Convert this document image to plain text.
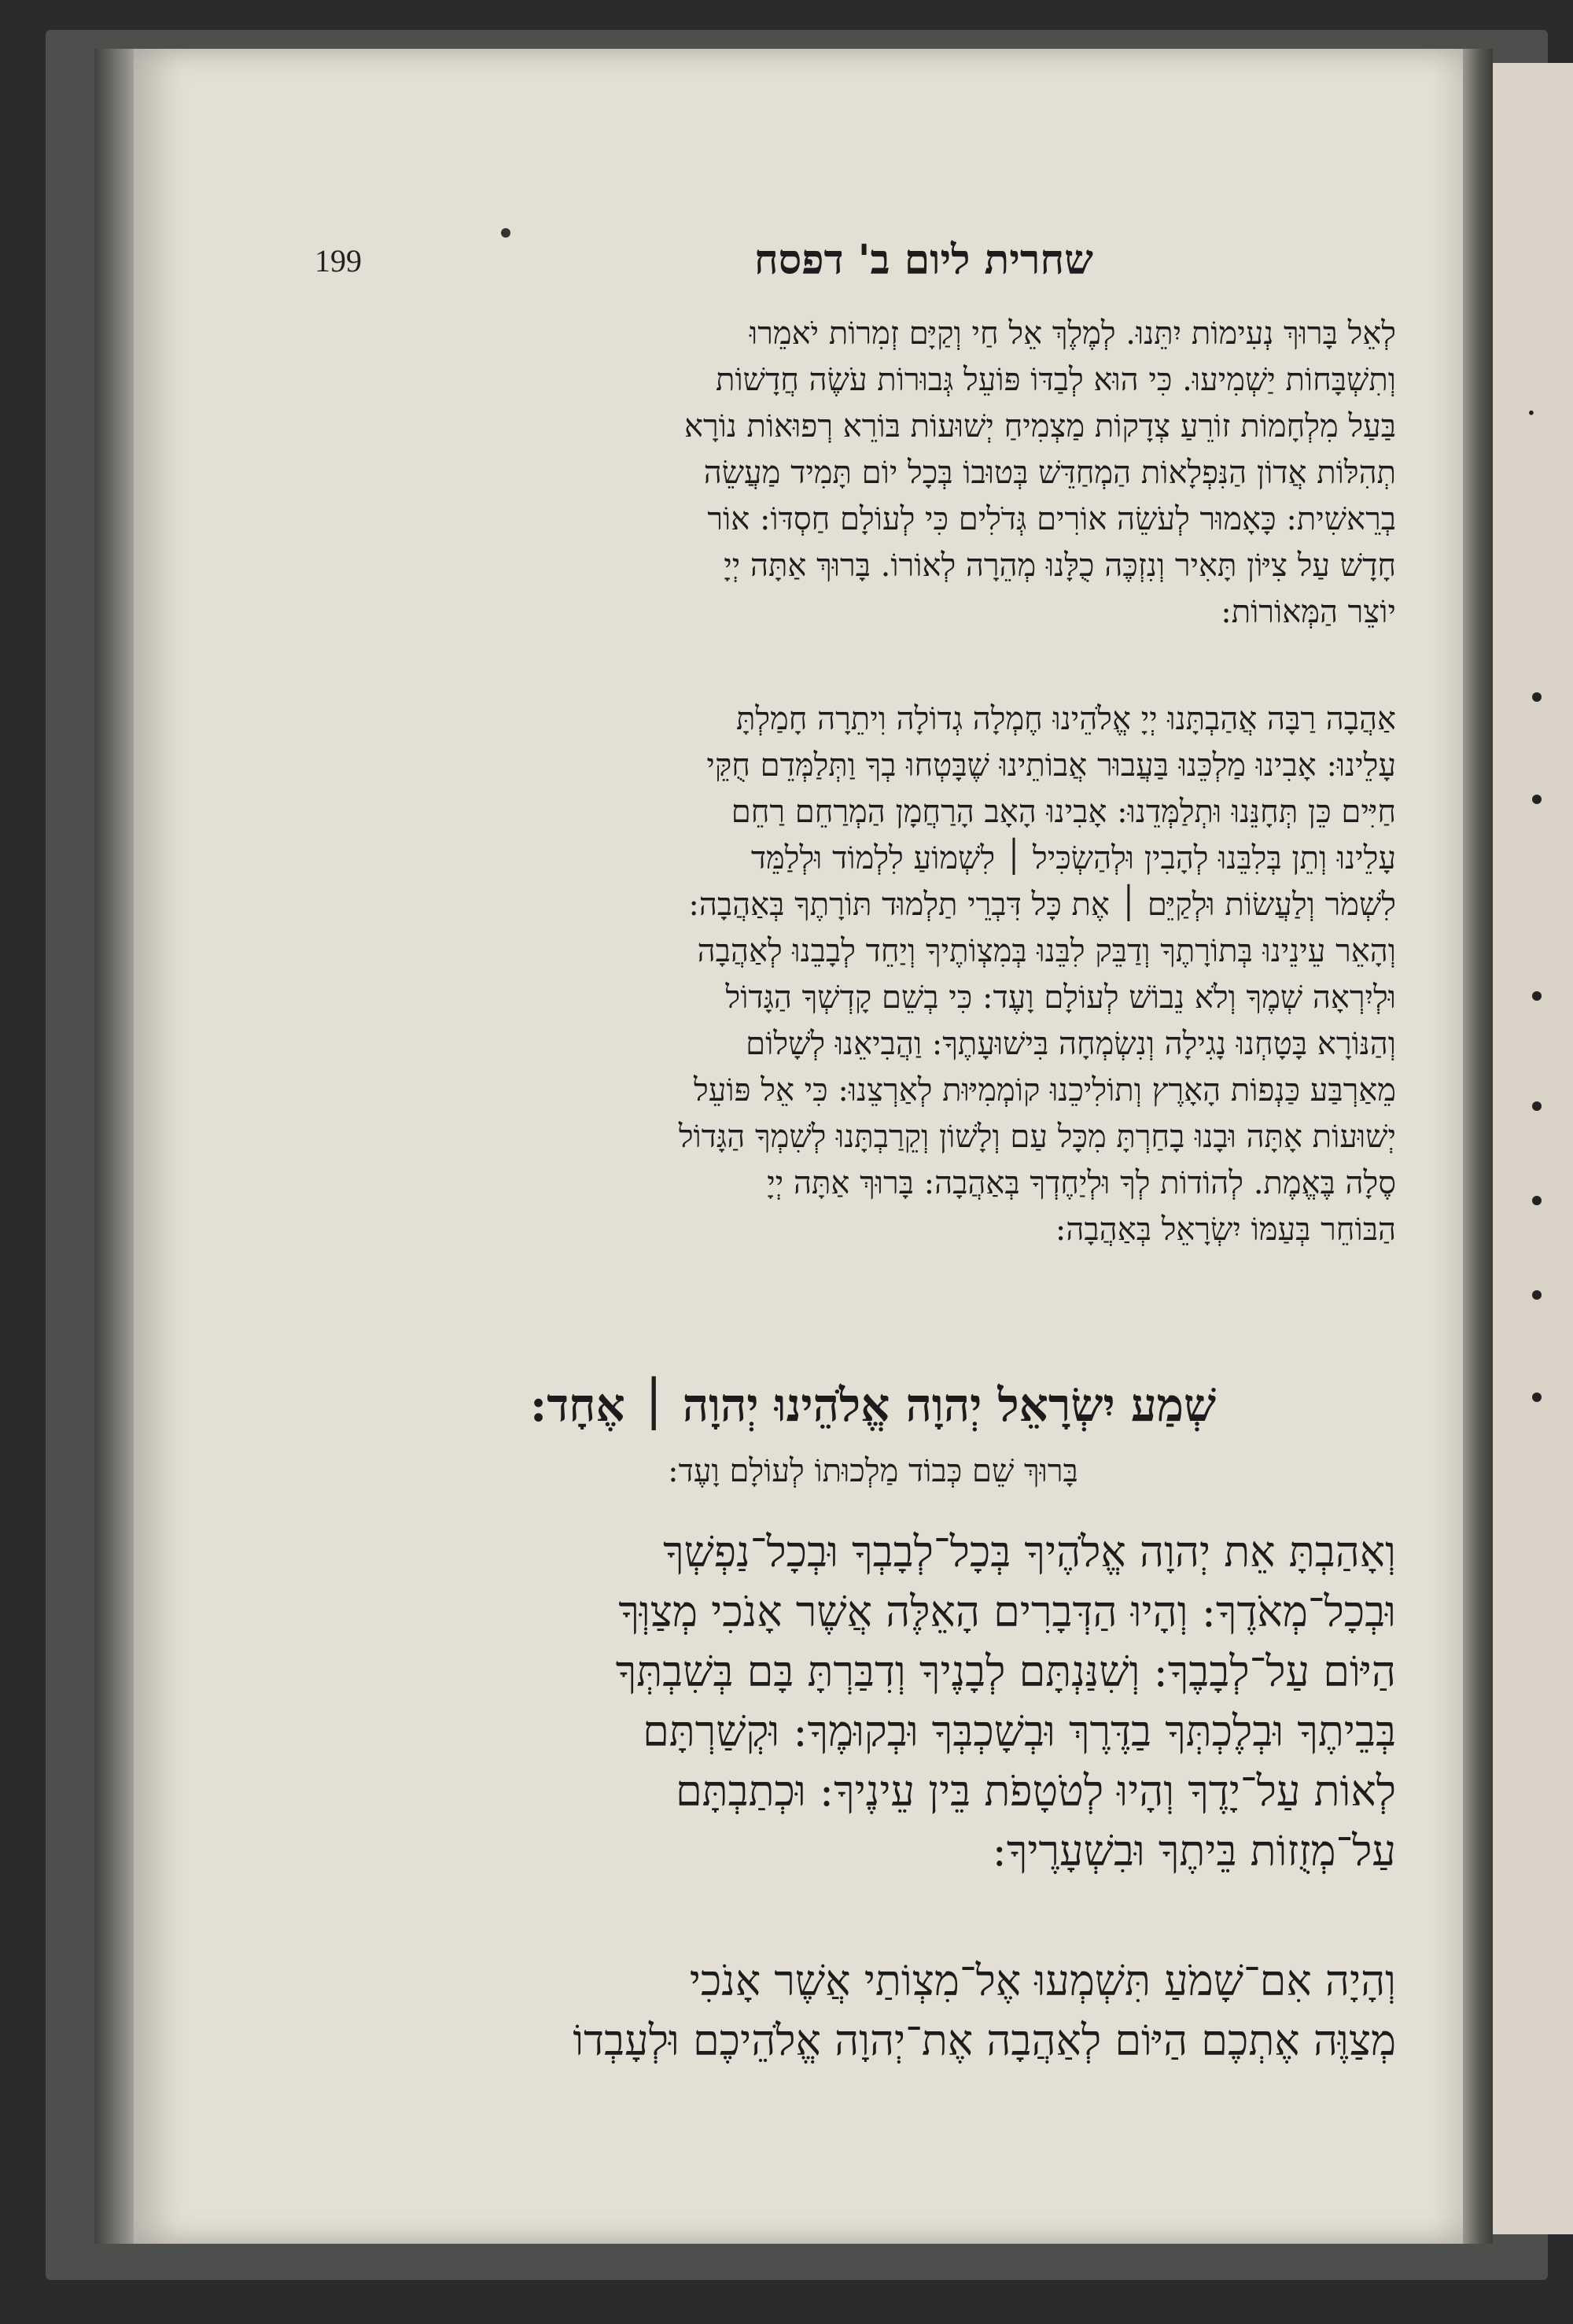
·
199	שחרית ליום ב' דפסח
לְאֵל בָּרוּךְ נְעִימוֹת יִתֵּנוּ. לְמֶלֶךְ אֵל חַי וְקַיָּם זְמִרוֹת יֹאמֵרוּ
וְתִשְׁבָּחוֹת יַשְׁמִיעוּ. כִּי הוּא לְבַדּוֹ פּוֹעֵל גְּבוּרוֹת עֹשֶׂה חֲדָשׁוֹת
בַּעַל מִלְחָמוֹת זוֹרֵעַ צְדָקוֹת מַצְמִיחַ יְשׁוּעוֹת בּוֹרֵא רְפוּאוֹת נוֹרָא
תְהִלּוֹת אֲדוֹן הַנִּפְלָאוֹת הַמְחַדֵּשׁ בְּטוּבוֹ בְּכָל יוֹם תָּמִיד מַעֲשֵׂה
בְרֵאשִׁית: כָּאָמוּר לְעֹשֵׂה אוֹרִים גְּדֹלִים כִּי לְעוֹלָם חַסְדּוֹ: אוֹר
חָדָשׁ עַל צִיּוֹן תָּאִיר וְנִזְכֶּה כֻלָּנוּ מְהֵרָה לְאוֹרוֹ. בָּרוּךְ אַתָּה יְיָ
יוֹצֵר הַמְּאוֹרוֹת:
אַהֲבָה רַבָּה אֲהַבְתָּנוּ יְיָ אֱלֹהֵינוּ חֶמְלָה גְדוֹלָה וִיתֵרָה חָמַלְתָּ
עָלֵינוּ: אָבִינוּ מַלְכֵּנוּ בַּעֲבוּר אֲבוֹתֵינוּ שֶׁבָּטְחוּ בְךָ וַתְּלַמְּדֵם חֻקֵּי
חַיִּים כֵּן תְּחָנֵּנוּ וּתְלַמְּדֵנוּ: אָבִינוּ הָאָב הָרַחֲמָן הַמְרַחֵם רַחֵם
עָלֵינוּ וְתֵן בְּלִבֵּנוּ לְהָבִין וּלְהַשְׂכִּיל ׀ לִשְׁמוֹעַ לִלְמוֹד וּלְלַמֵּד
לִשְׁמֹר וְלַעֲשׂוֹת וּלְקַיֵּם ׀ אֶת כָּל דִּבְרֵי תַלְמוּד תּוֹרָתֶךָ בְּאַהֲבָה:
וְהָאֵר עֵינֵינוּ בְּתוֹרָתֶךָ וְדַבֵּק לִבֵּנוּ בְּמִצְוֹתֶיךָ וְיַחֵד לְבָבֵנוּ לְאַהֲבָה
וּלְיִרְאָה שְׁמֶךָ וְלֹא נֵבוֹשׁ לְעוֹלָם וָעֶד: כִּי בְשֵׁם קָדְשְׁךָ הַגָּדוֹל
וְהַנּוֹרָא בָּטָחְנוּ נָגִילָה וְנִשְׂמְחָה בִּישׁוּעָתֶךָ: וַהֲבִיאֵנוּ לְשָׁלוֹם
מֵאַרְבַּע כַּנְפוֹת הָאָרֶץ וְתוֹלִיכֵנוּ קוֹמְמִיּוּת לְאַרְצֵנוּ: כִּי אֵל פּוֹעֵל
יְשׁוּעוֹת אָתָּה וּבָנוּ בָחַרְתָּ מִכָּל עַם וְלָשׁוֹן וְקֵרַבְתָּנוּ לְשִׁמְךָ הַגָּדוֹל
סֶלָה בֶּאֱמֶת. לְהוֹדוֹת לְךָ וּלְיַחֶדְךָ בְּאַהֲבָה: בָּרוּךְ אַתָּה יְיָ
הַבּוֹחֵר בְּעַמּוֹ יִשְׂרָאֵל בְּאַהֲבָה:
שְׁמַע יִשְׂרָאֵל יְהוָה אֱלֹהֵינוּ יְהוָה ׀ אֶחָד:
בָּרוּךְ שֵׁם כְּבוֹד מַלְכוּתוֹ לְעוֹלָם וָעֶד:
וְאָהַבְתָּ אֵת יְהוָה אֱלֹהֶיךָ בְּכָל־לְבָבְךָ וּבְכָל־נַפְשְׁךָ
וּבְכָל־מְאֹדֶךָ: וְהָיוּ הַדְּבָרִים הָאֵלֶּה אֲשֶׁר אָנֹכִי מְצַוְּךָ
הַיּוֹם עַל־לְבָבֶךָ: וְשִׁנַּנְתָּם לְבָנֶיךָ וְדִבַּרְתָּ בָּם בְּשִׁבְתְּךָ
בְּבֵיתֶךָ וּבְלֶכְתְּךָ בַדֶּרֶךְ וּבְשָׁכְבְּךָ וּבְקוּמֶךָ: וּקְשַׁרְתָּם
לְאוֹת עַל־יָדֶךָ וְהָיוּ לְטֹטָפֹת בֵּין עֵינֶיךָ: וּכְתַבְתָּם
עַל־מְזֻזוֹת בֵּיתֶךָ וּבִשְׁעָרֶיךָ:
וְהָיָה אִם־שָׁמֹעַ תִּשְׁמְעוּ אֶל־מִצְוֹתַי אֲשֶׁר אָנֹכִי
מְצַוֶּה אֶתְכֶם הַיּוֹם לְאַהֲבָה אֶת־יְהוָה אֱלֹהֵיכֶם וּלְעָבְדוֹ
